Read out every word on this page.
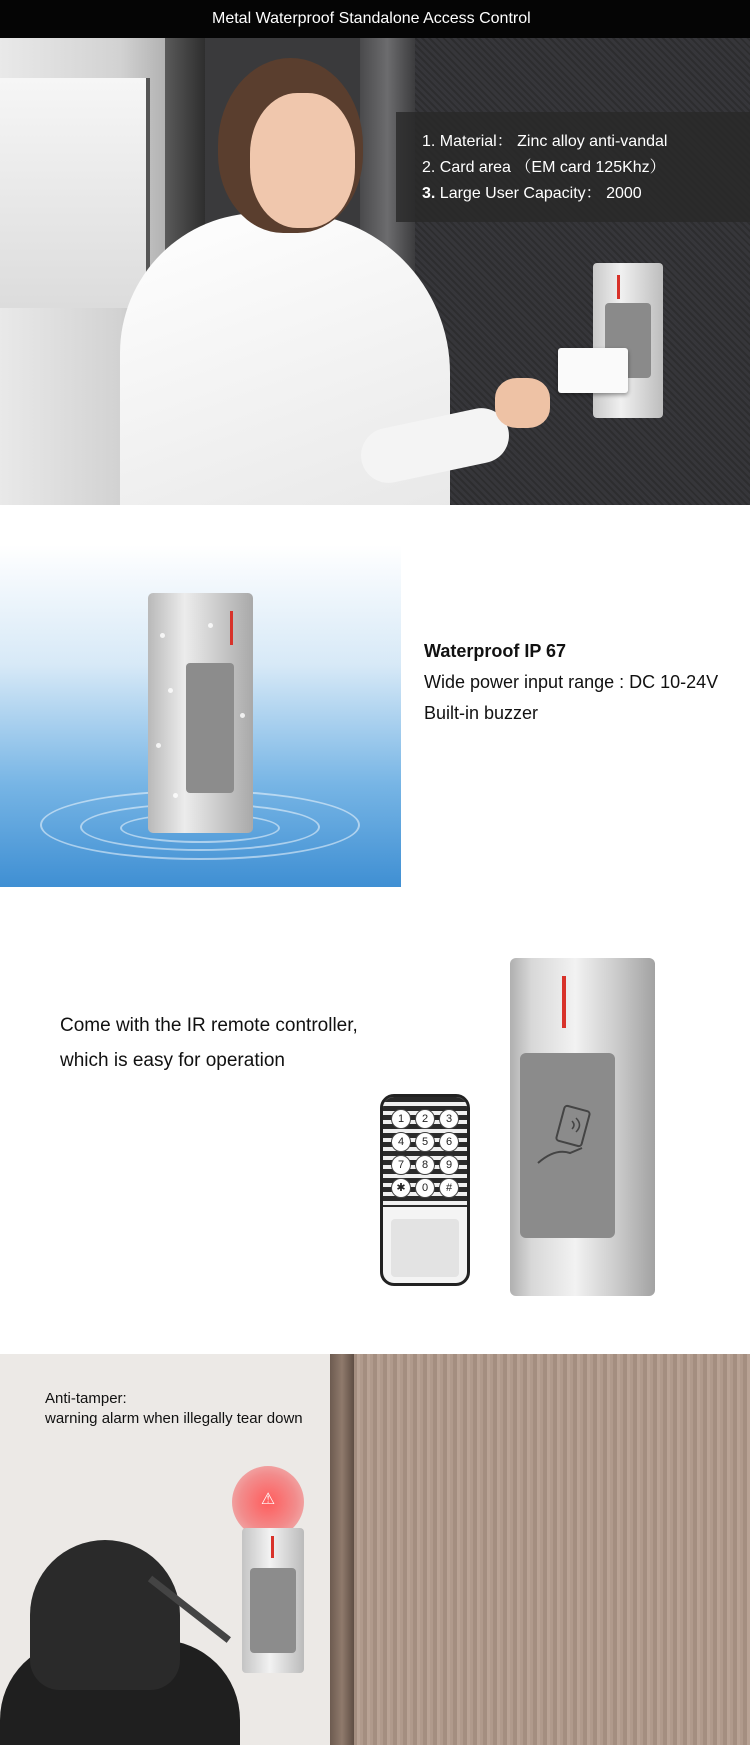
Metal Waterproof Standalone Access Control
1. Material： Zinc alloy anti-vandal
2. Card area （EM card 125Khz）
3. Large User Capacity： 2000
Waterproof IP 67
Wide power input range : DC 10-24V
Built-in buzzer
Come with the IR remote controller,
which is easy for operation
1	2	3
4	5	6
7	8	9
✱	0	#
Anti-tamper:
warning alarm when illegally tear down
⚠
